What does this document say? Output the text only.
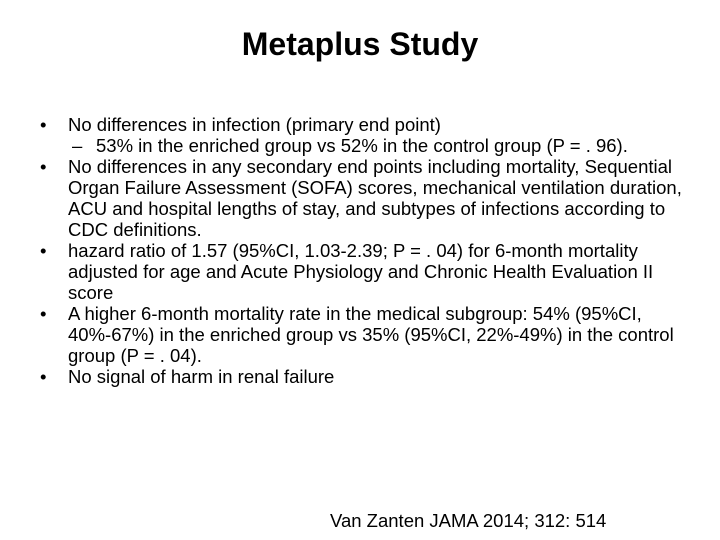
Metaplus Study
•	No differences in infection (primary end point)
– 53% in the enriched group vs 52% in the control group (P = . 96).
•	No differences in any secondary end points including mortality, Sequential Organ Failure Assessment (SOFA) scores, mechanical ventilation duration, ACU and hospital lengths of stay, and subtypes of infections according to CDC definitions.
•	hazard ratio of 1.57 (95%CI, 1.03-2.39; P = . 04) for 6-month mortality adjusted for age and Acute Physiology and Chronic Health Evaluation II score
•	A higher 6-month mortality rate in the medical subgroup: 54% (95%CI, 40%-67%) in the enriched group vs 35% (95%CI, 22%-49%) in the control group (P = . 04).
•	No signal of harm in renal failure
Van Zanten JAMA 2014; 312: 514
